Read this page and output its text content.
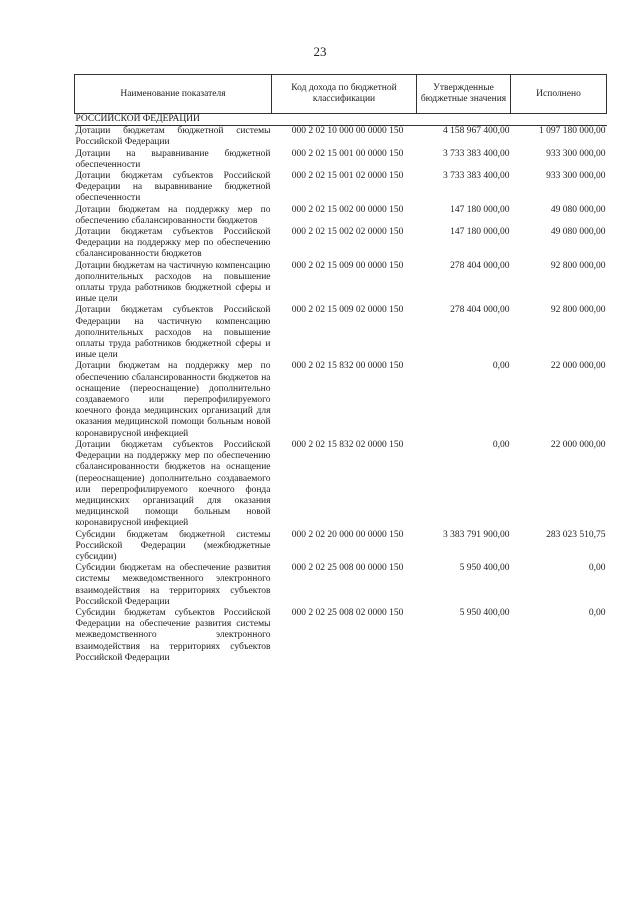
23
Наименование показателя	Код дохода по бюджетной классификации	Утвержденные бюджетные значения	Исполнено
РОССИЙСКОЙ ФЕДЕРАЦИИ			
Дотации бюджетам бюджетной системы Российской Федерации	000 2 02 10 000 00 0000 150	4 158 967 400,00	1 097 180 000,00
Дотации на выравнивание бюджетной обеспеченности	000 2 02 15 001 00 0000 150	3 733 383 400,00	933 300 000,00
Дотации бюджетам субъектов Российской Федерации на выравнивание бюджетной обеспеченности	000 2 02 15 001 02 0000 150	3 733 383 400,00	933 300 000,00
Дотации бюджетам на поддержку мер по обеспечению сбалансированности бюджетов	000 2 02 15 002 00 0000 150	147 180 000,00	49 080 000,00
Дотации бюджетам субъектов Российской Федерации на поддержку мер по обеспечению сбалансированности бюджетов	000 2 02 15 002 02 0000 150	147 180 000,00	49 080 000,00
Дотации бюджетам на частичную компенсацию дополнительных расходов на повышение оплаты труда работников бюджетной сферы и иные цели	000 2 02 15 009 00 0000 150	278 404 000,00	92 800 000,00
Дотации бюджетам субъектов Российской Федерации на частичную компенсацию дополнительных расходов на повышение оплаты труда работников бюджетной сферы и иные цели	000 2 02 15 009 02 0000 150	278 404 000,00	92 800 000,00
Дотации бюджетам на поддержку мер по обеспечению сбалансированности бюджетов на оснащение (переоснащение) дополнительно создаваемого или перепрофилируемого коечного фонда медицинских организаций для оказания медицинской помощи больным новой коронавирусной инфекцией	000 2 02 15 832 00 0000 150	0,00	22 000 000,00
Дотации бюджетам субъектов Российской Федерации на поддержку мер по обеспечению сбалансированности бюджетов на оснащение (переоснащение) дополнительно создаваемого или перепрофилируемого коечного фонда медицинских организаций для оказания медицинской помощи больным новой коронавирусной инфекцией	000 2 02 15 832 02 0000 150	0,00	22 000 000,00
Субсидии бюджетам бюджетной системы Российской Федерации (межбюджетные субсидии)	000 2 02 20 000 00 0000 150	3 383 791 900,00	283 023 510,75
Субсидии бюджетам на обеспечение развития системы межведомственного электронного взаимодействия на территориях субъектов Российской Федерации	000 2 02 25 008 00 0000 150	5 950 400,00	0,00
Субсидии бюджетам субъектов Российской Федерации на обеспечение развития системы межведомственного электронного взаимодействия на территориях субъектов Российской Федерации	000 2 02 25 008 02 0000 150	5 950 400,00	0,00
